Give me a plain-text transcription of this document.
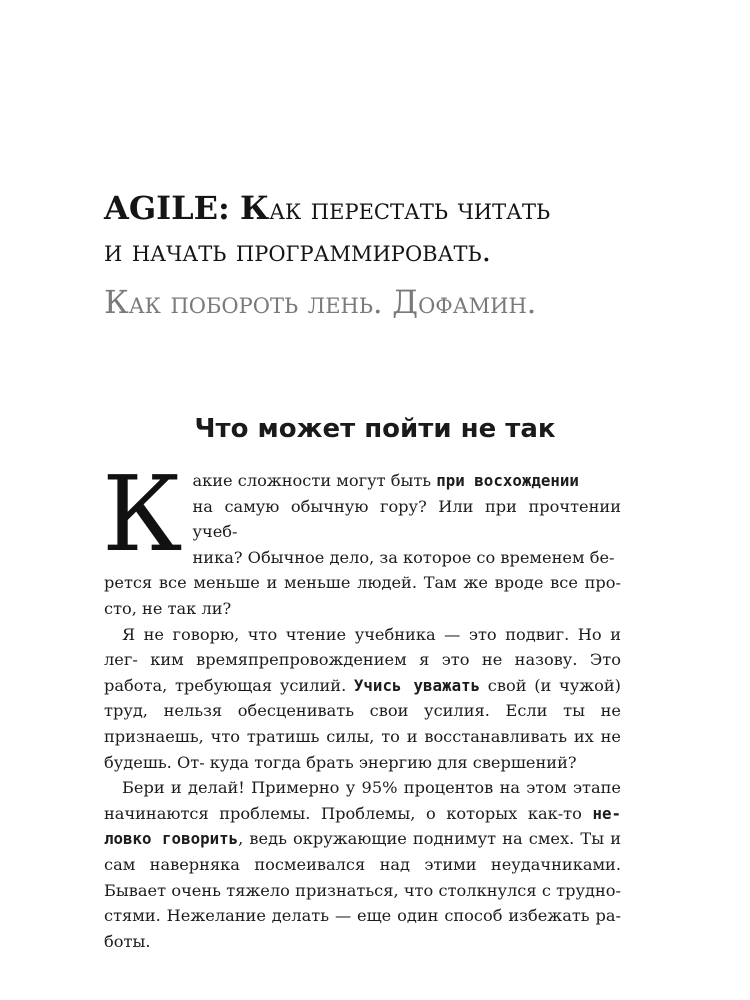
AGILE: Как перестать читать
и начать программировать.
Как побороть лень. Дофамин.
Что может пойти не так

К акие сложности могут быть при восхождении
на самую обычную гору? Или при прочтении учеб-
ника? Обычное дело, за которое со временем бе-
рется все меньше и меньше людей. Там же вроде все про- сто, не так ли?

Я не говорю, что чтение учебника — это подвиг. Но и лег- ким времяпрепровождением я это не назову. Это работа, требующая усилий. Учись уважать свой (и чужой) труд, нельзя обесценивать свои усилия. Если ты не признаешь, что тратишь силы, то и восстанавливать их не будешь. От- куда тогда брать энергию для свершений?

Бери и делай! Примерно у 95% процентов на этом этапе начинаются проблемы. Проблемы, о которых как-то не- ловко говорить, ведь окружающие поднимут на смех. Ты и сам наверняка посмеивался над этими неудачниками. Бывает очень тяжело признаться, что столкнулся с трудно- стями. Нежелание делать — еще один способ избежать ра- боты.
